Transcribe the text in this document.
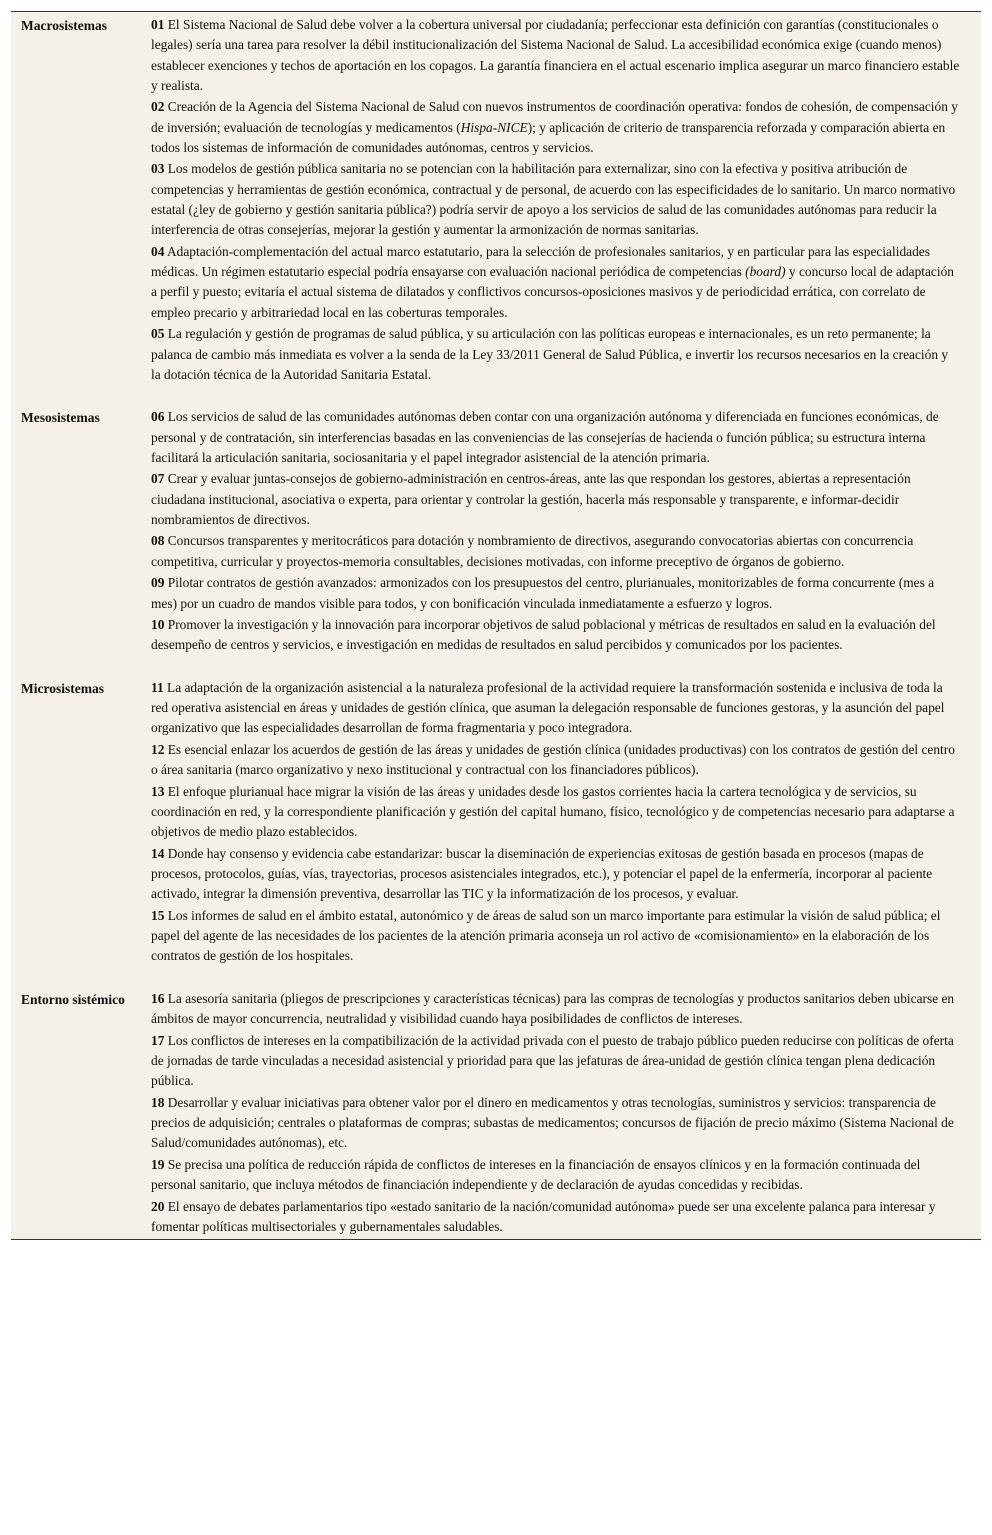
Macrosistemas	01 El Sistema Nacional de Salud debe volver a la cobertura universal por ciudadanía; perfeccionar esta definición con garantías (constitucionales o legales) sería una tarea para resolver la débil institucionalización del Sistema Nacional de Salud. La accesibilidad económica exige (cuando menos) establecer exenciones y techos de aportación en los copagos. La garantía financiera en el actual escenario implica asegurar un marco financiero estable y realista.
02 Creación de la Agencia del Sistema Nacional de Salud con nuevos instrumentos de coordinación operativa: fondos de cohesión, de compensación y de inversión; evaluación de tecnologías y medicamentos (Hispa-NICE); y aplicación de criterio de transparencia reforzada y comparación abierta en todos los sistemas de información de comunidades autónomas, centros y servicios.
03 Los modelos de gestión pública sanitaria no se potencian con la habilitación para externalizar, sino con la efectiva y positiva atribución de competencias y herramientas de gestión económica, contractual y de personal, de acuerdo con las especificidades de lo sanitario. Un marco normativo estatal (¿ley de gobierno y gestión sanitaria pública?) podría servir de apoyo a los servicios de salud de las comunidades autónomas para reducir la interferencia de otras consejerías, mejorar la gestión y aumentar la armonización de normas sanitarias.
04 Adaptación-complementación del actual marco estatutario, para la selección de profesionales sanitarios, y en particular para las especialidades médicas. Un régimen estatutario especial podría ensayarse con evaluación nacional periódica de competencias (board) y concurso local de adaptación a perfil y puesto; evitaría el actual sistema de dilatados y conflictivos concursos-oposiciones masivos y de periodicidad errática, con correlato de empleo precario y arbitrariedad local en las coberturas temporales.
05 La regulación y gestión de programas de salud pública, y su articulación con las políticas europeas e internacionales, es un reto permanente; la palanca de cambio más inmediata es volver a la senda de la Ley 33/2011 General de Salud Pública, e invertir los recursos necesarios en la creación y la dotación técnica de la Autoridad Sanitaria Estatal.
Mesosistemas	06 Los servicios de salud de las comunidades autónomas deben contar con una organización autónoma y diferenciada en funciones económicas, de personal y de contratación, sin interferencias basadas en las conveniencias de las consejerías de hacienda o función pública; su estructura interna facilitará la articulación sanitaria, sociosanitaria y el papel integrador asistencial de la atención primaria.
07 Crear y evaluar juntas-consejos de gobierno-administración en centros-áreas, ante las que respondan los gestores, abiertas a representación ciudadana institucional, asociativa o experta, para orientar y controlar la gestión, hacerla más responsable y transparente, e informar-decidir nombramientos de directivos.
08 Concursos transparentes y meritocráticos para dotación y nombramiento de directivos, asegurando convocatorias abiertas con concurrencia competitiva, curricular y proyectos-memoria consultables, decisiones motivadas, con informe preceptivo de órganos de gobierno.
09 Pilotar contratos de gestión avanzados: armonizados con los presupuestos del centro, plurianuales, monitorizables de forma concurrente (mes a mes) por un cuadro de mandos visible para todos, y con bonificación vinculada inmediatamente a esfuerzo y logros.
10 Promover la investigación y la innovación para incorporar objetivos de salud poblacional y métricas de resultados en salud en la evaluación del desempeño de centros y servicios, e investigación en medidas de resultados en salud percibidos y comunicados por los pacientes.
Microsistemas	11 La adaptación de la organización asistencial a la naturaleza profesional de la actividad requiere la transformación sostenida e inclusiva de toda la red operativa asistencial en áreas y unidades de gestión clínica, que asuman la delegación responsable de funciones gestoras, y la asunción del papel organizativo que las especialidades desarrollan de forma fragmentaria y poco integradora.
12 Es esencial enlazar los acuerdos de gestión de las áreas y unidades de gestión clínica (unidades productivas) con los contratos de gestión del centro o área sanitaria (marco organizativo y nexo institucional y contractual con los financiadores públicos).
13 El enfoque plurianual hace migrar la visión de las áreas y unidades desde los gastos corrientes hacia la cartera tecnológica y de servicios, su coordinación en red, y la correspondiente planificación y gestión del capital humano, físico, tecnológico y de competencias necesario para adaptarse a objetivos de medio plazo establecidos.
14 Donde hay consenso y evidencia cabe estandarizar: buscar la diseminación de experiencias exitosas de gestión basada en procesos (mapas de procesos, protocolos, guías, vías, trayectorias, procesos asistenciales integrados, etc.), y potenciar el papel de la enfermería, incorporar al paciente activado, integrar la dimensión preventiva, desarrollar las TIC y la informatización de los procesos, y evaluar.
15 Los informes de salud en el ámbito estatal, autonómico y de áreas de salud son un marco importante para estimular la visión de salud pública; el papel del agente de las necesidades de los pacientes de la atención primaria aconseja un rol activo de «comisionamiento» en la elaboración de los contratos de gestión de los hospitales.
Entorno sistémico	16 La asesoría sanitaria (pliegos de prescripciones y características técnicas) para las compras de tecnologías y productos sanitarios deben ubicarse en ámbitos de mayor concurrencia, neutralidad y visibilidad cuando haya posibilidades de conflictos de intereses.
17 Los conflictos de intereses en la compatibilización de la actividad privada con el puesto de trabajo público pueden reducirse con políticas de oferta de jornadas de tarde vinculadas a necesidad asistencial y prioridad para que las jefaturas de área-unidad de gestión clínica tengan plena dedicación pública.
18 Desarrollar y evaluar iniciativas para obtener valor por el dinero en medicamentos y otras tecnologías, suministros y servicios: transparencia de precios de adquisición; centrales o plataformas de compras; subastas de medicamentos; concursos de fijación de precio máximo (Sistema Nacional de Salud/comunidades autónomas), etc.
19 Se precisa una política de reducción rápida de conflictos de intereses en la financiación de ensayos clínicos y en la formación continuada del personal sanitario, que incluya métodos de financiación independiente y de declaración de ayudas concedidas y recibidas.
20 El ensayo de debates parlamentarios tipo «estado sanitario de la nación/comunidad autónoma» puede ser una excelente palanca para interesar y fomentar políticas multisectoriales y gubernamentales saludables.
